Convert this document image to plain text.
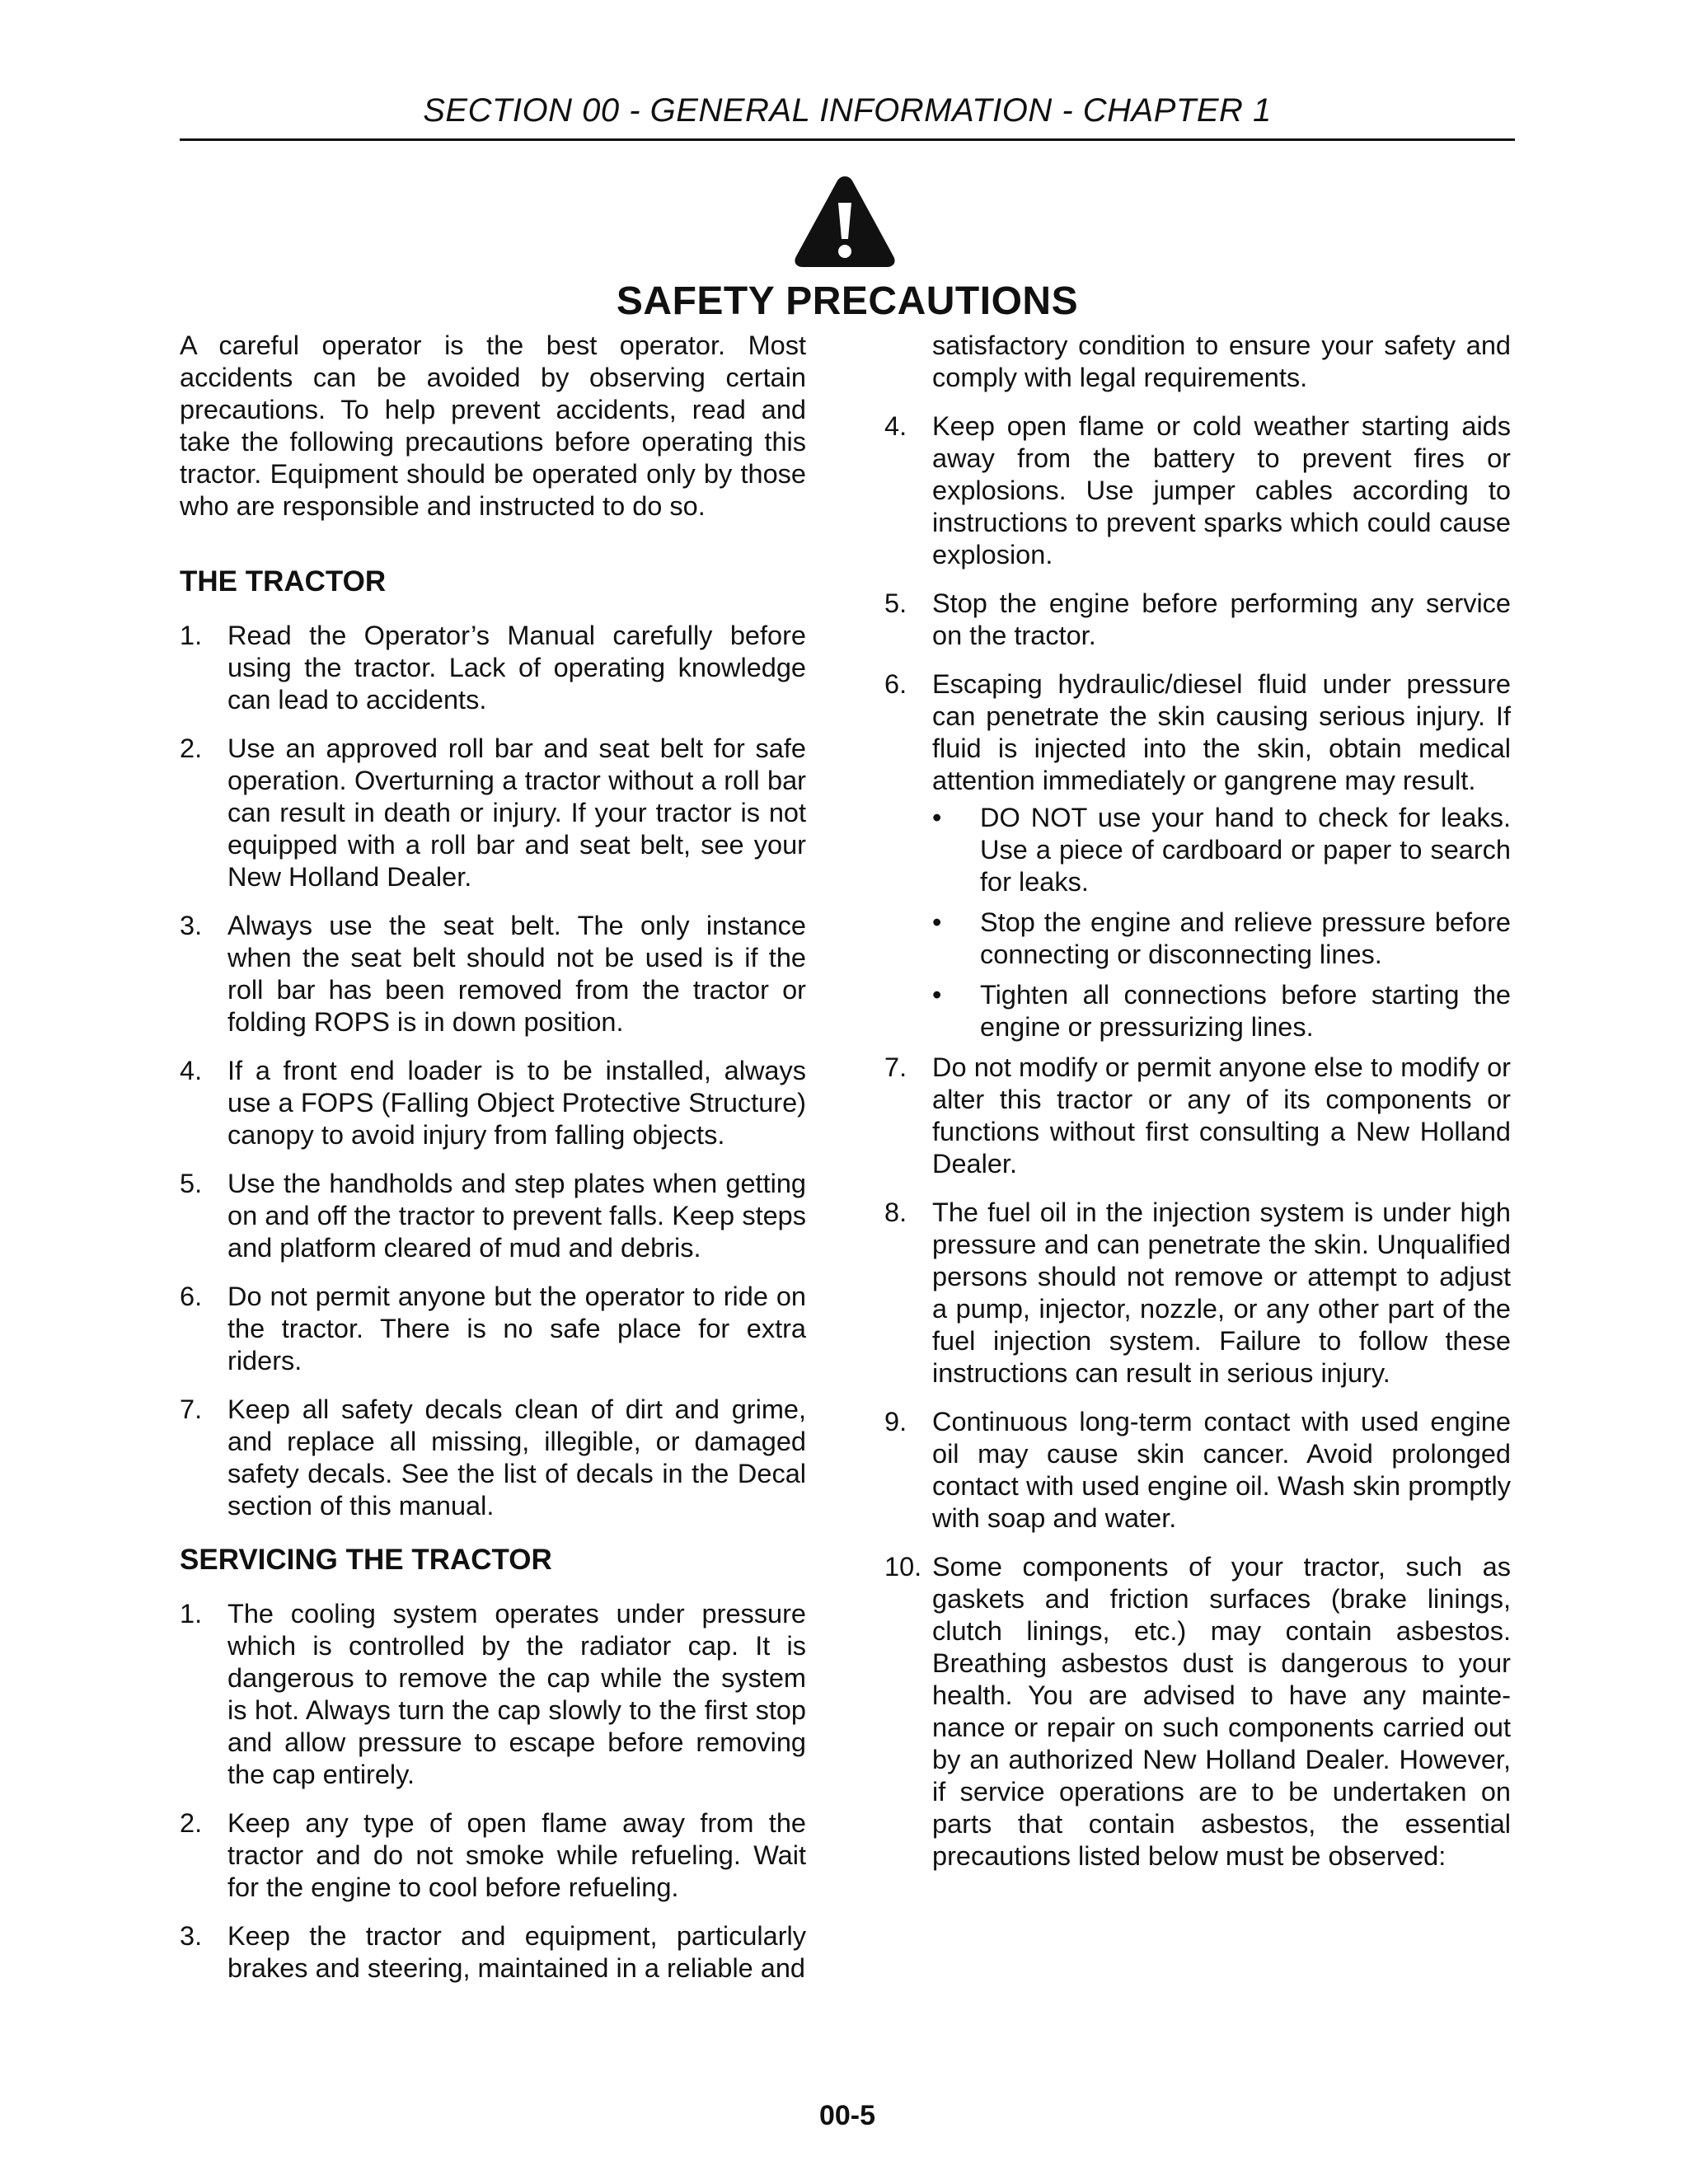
SECTION 00 - GENERAL INFORMATION - CHAPTER 1
SAFETY PRECAUTIONS

A careful operator is the best operator. Most accidents can be avoided by observing certain precautions. To help prevent accidents, read and take the following precautions before operating this tractor. Equipment should be operated only by those who are responsible and instructed to do so.

THE TRACTOR
1. Read the Operator’s Manual carefully before using the tractor. Lack of operating knowledge can lead to accidents.
2. Use an approved roll bar and seat belt for safe operation. Overturning a tractor without a roll bar can result in death or injury. If your tractor is not equipped with a roll bar and seat belt, see your New Holland Dealer.
3. Always use the seat belt. The only instance when the seat belt should not be used is if the roll bar has been removed from the tractor or folding ROPS is in down position.
4. If a front end loader is to be installed, always use a FOPS (Falling Object Protective Structure) canopy to avoid injury from falling objects.
5. Use the handholds and step plates when getting on and off the tractor to prevent falls. Keep steps and platform cleared of mud and debris.
6. Do not permit anyone but the operator to ride on the tractor. There is no safe place for extra riders.
7. Keep all safety decals clean of dirt and grime, and replace all missing, illegible, or damaged safety decals. See the list of decals in the Decal section of this manual.
SERVICING THE TRACTOR
1. The cooling system operates under pressure which is controlled by the radiator cap. It is dangerous to remove the cap while the system is hot. Always turn the cap slowly to the first stop and allow pressure to escape before removing the cap entirely.
2. Keep any type of open flame away from the tractor and do not smoke while refueling. Wait for the engine to cool before refueling.
3. Keep the tractor and equipment, particularly brakes and steering, maintained in a reliable and

satisfactory condition to ensure your safety and comply with legal requirements.

4. Keep open flame or cold weather starting aids away from the battery to prevent fires or explosions. Use jumper cables according to instructions to prevent sparks which could cause explosion.
5. Stop the engine before performing any service on the tractor.
6. Escaping hydraulic/diesel fluid under pressure can penetrate the skin causing serious injury. If fluid is injected into the skin, obtain medical attention immediately or gangrene may result.
•	DO NOT use your hand to check for leaks. Use a piece of cardboard or paper to search for leaks.
•	Stop the engine and relieve pressure before connecting or disconnecting lines.
•	Tighten all connections before starting the engine or pressurizing lines.
7. Do not modify or permit anyone else to modify or alter this tractor or any of its components or functions without first consulting a New Holland Dealer.
8. The fuel oil in the injection system is under high pressure and can penetrate the skin. Unqualified persons should not remove or attempt to adjust a pump, injector, nozzle, or any other part of the fuel injection system. Failure to follow these instructions can result in serious injury.
9. Continuous long-term contact with used engine oil may cause skin cancer. Avoid prolonged contact with used engine oil. Wash skin promptly with soap and water.
10. Some components of your tractor, such as gaskets and friction surfaces (brake linings, clutch linings, etc.) may contain asbestos. Breathing asbestos dust is dangerous to your health. You are advised to have any mainte-nance or repair on such components carried out by an authorized New Holland Dealer. However, if service operations are to be undertaken on parts that contain asbestos, the essential precautions listed below must be observed:
00-5
